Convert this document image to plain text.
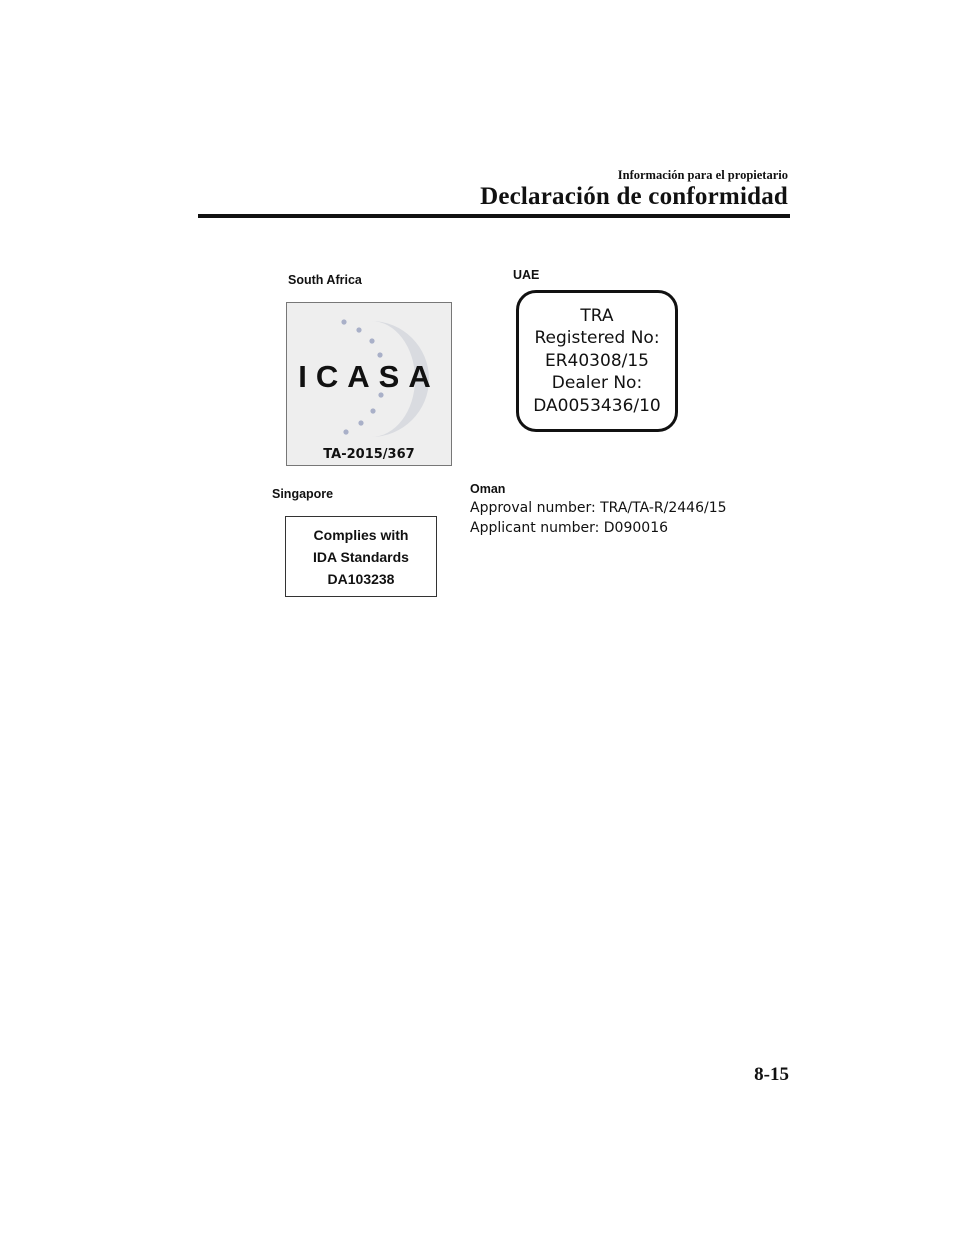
Información para el propietario
Declaración de conformidad
South Africa
ICASA
TA-2015/367
UAE
TRA
Registered No:
ER40308/15
Dealer No:
DA0053436/10
Singapore
Complies with
IDA Standards
DA103238
Oman
Approval number: TRA/TA-R/2446/15
Applicant number: D090016
8-15
